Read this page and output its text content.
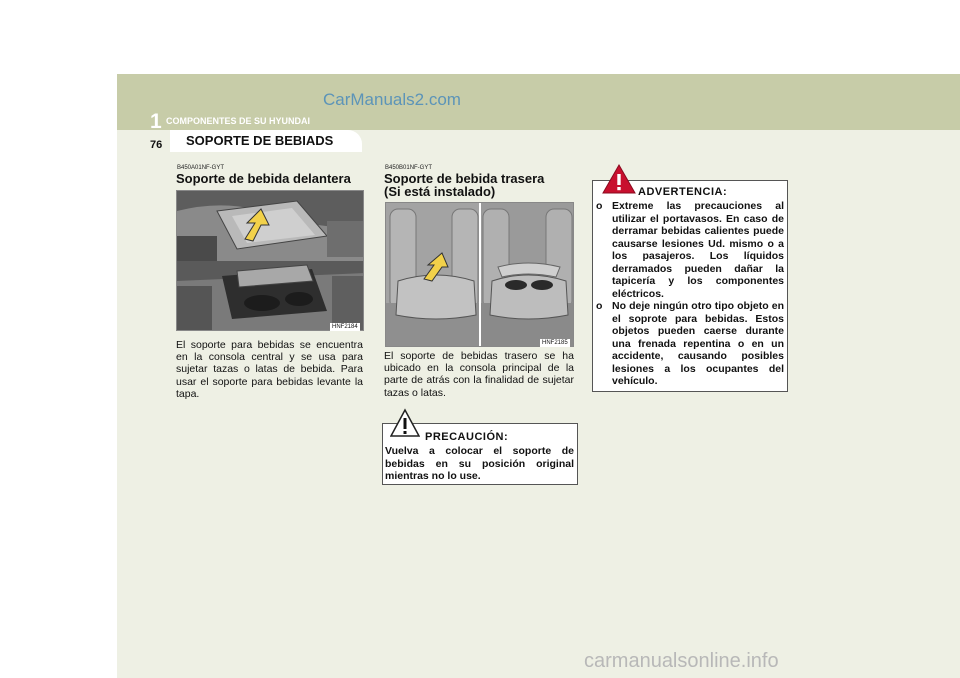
CarManuals2.com
1 COMPONENTES DE SU HYUNDAI
SOPORTE DE BEBIADS
76
B450A01NF-GYT
Soporte de bebida delantera
HNF2184
El soporte para bebidas se encuentra en la consola central y se usa para sujetar tazas o latas de bebida. Para usar el soporte para bebidas levante la tapa.
B450B01NF-GYT
Soporte de bebida trasera
(Si está instalado)
HNF2185
El soporte de bebidas trasero se ha ubicado en la consola principal de la parte de atrás con la finalidad de sujetar tazas o latas.
PRECAUCIÓN:
Vuelva a colocar el soporte de bebidas en su posición original mientras no lo use.
ADVERTENCIA:
o Extreme las precauciones al utilizar el portavasos. En caso de derramar bebidas calientes puede causarse lesiones Ud. mismo o a los pasajeros. Los líquidos derramados pueden dañar la tapicería y los componentes eléctricos.
o No deje ningún otro tipo objeto en el soprote para bebidas. Estos objetos pueden caerse durante una frenada repentina o en un accidente, causando posibles lesiones a los ocupantes del vehículo.
carmanualsonline.info
